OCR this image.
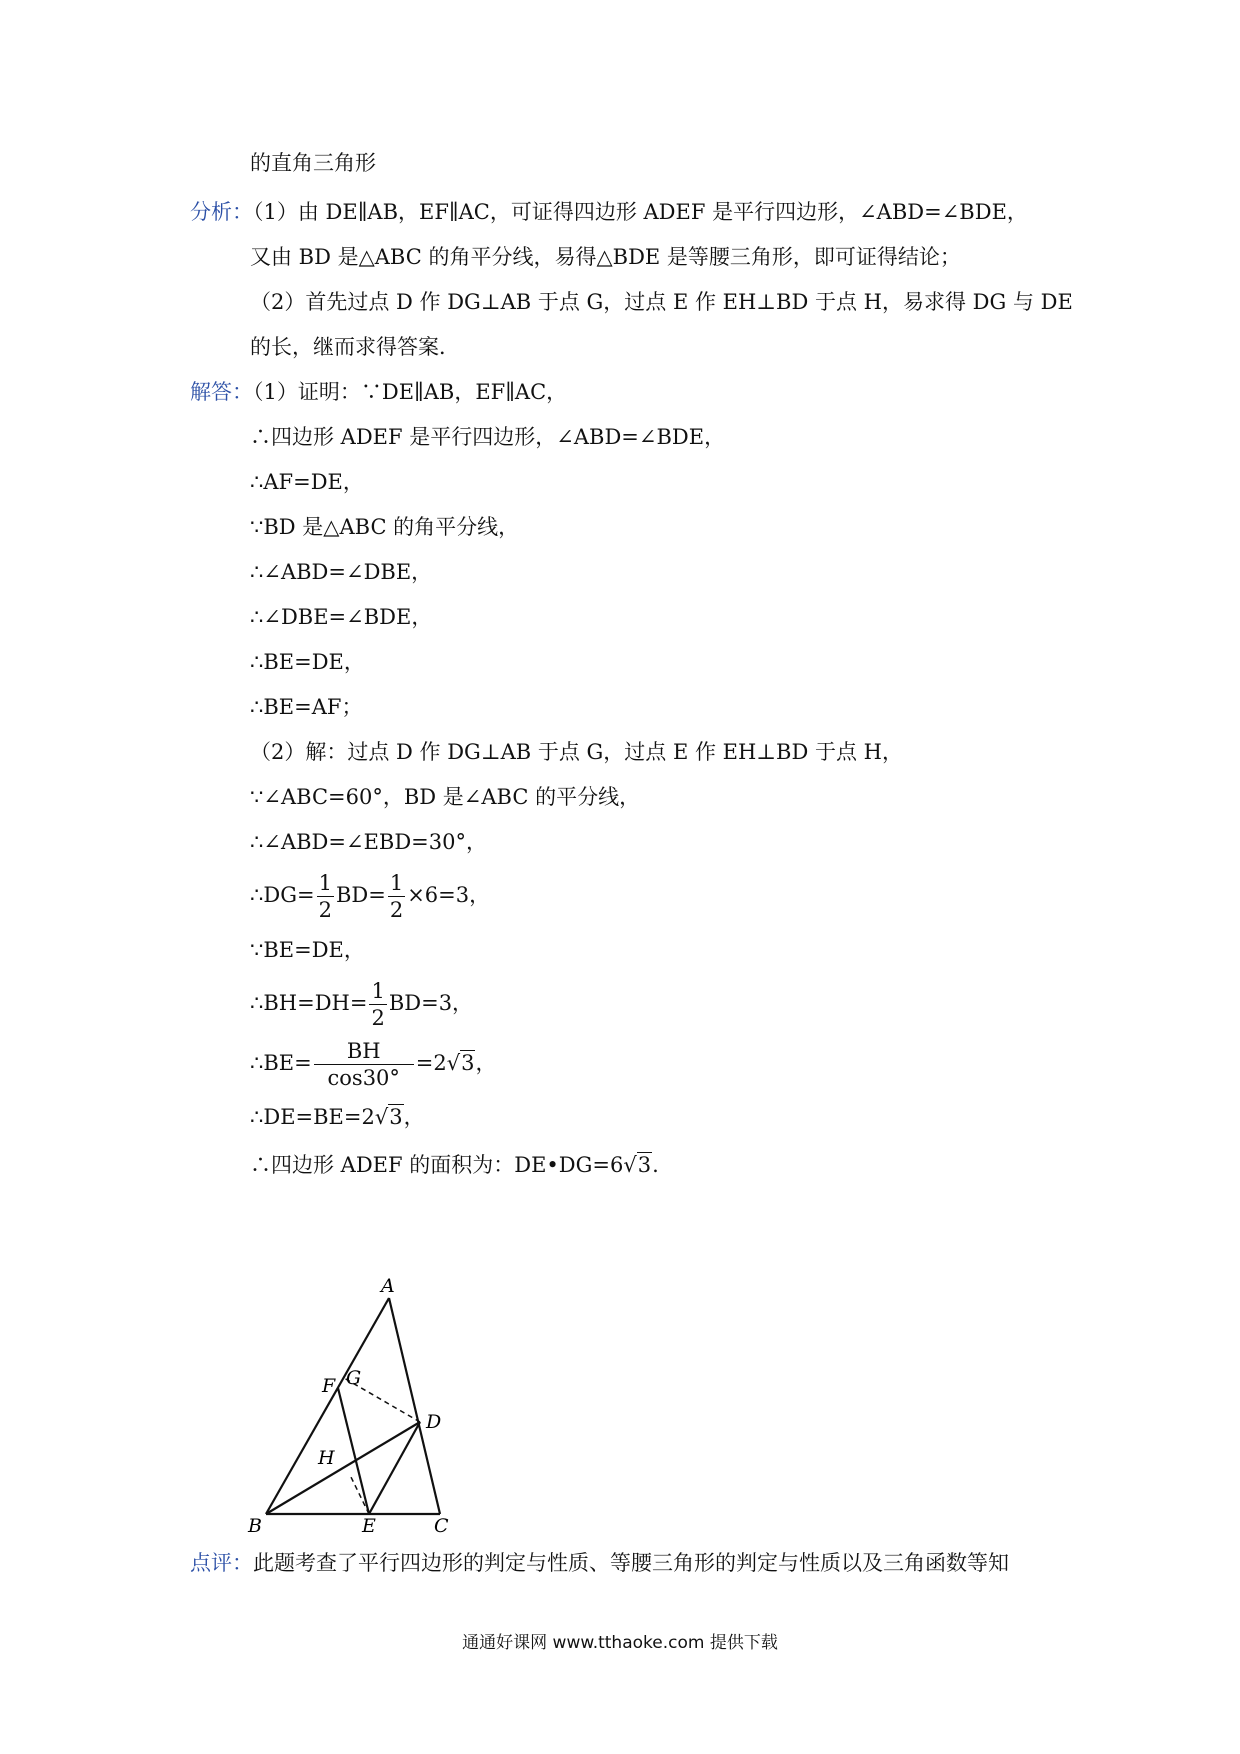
的直角三角形
分析：（1）由 DE∥AB，EF∥AC，可证得四边形 ADEF 是平行四边形，∠ABD=∠BDE，
又由 BD 是△ABC 的角平分线，易得△BDE 是等腰三角形，即可证得结论；
（2）首先过点 D 作 DG⊥AB 于点 G，过点 E 作 EH⊥BD 于点 H，易求得 DG 与 DE
的长，继而求得答案．
解答：（1）证明：∵DE∥AB，EF∥AC，
∴四边形 ADEF 是平行四边形，∠ABD=∠BDE，
∴AF=DE，
∵BD 是△ABC 的角平分线，
∴∠ABD=∠DBE，
∴∠DBE=∠BDE，
∴BE=DE，
∴BE=AF；
（2）解：过点 D 作 DG⊥AB 于点 G，过点 E 作 EH⊥BD 于点 H，
∵∠ABC=60°，BD 是∠ABC 的平分线，
∴∠ABD=∠EBD=30°，
∴DG= $\frac{1}{2} BD= \frac{1}{2} \times 6=3$，
∵BE=DE，
∴BH=DH= $\frac{1}{2} BD=3$，
∴BE= $\frac{BH}{\cos 30^\circ} =2√3$，
∴DE=BE=2√3，
∴四边形 ADEF 的面积为：DE•DG=6√3.
A
B	C
D
E
F G
H
点评：此题考查了平行四边形的判定与性质、等腰三角形的判定与性质以及三角函数等知
通通好课网 www.tthaoke.com 提供下载
